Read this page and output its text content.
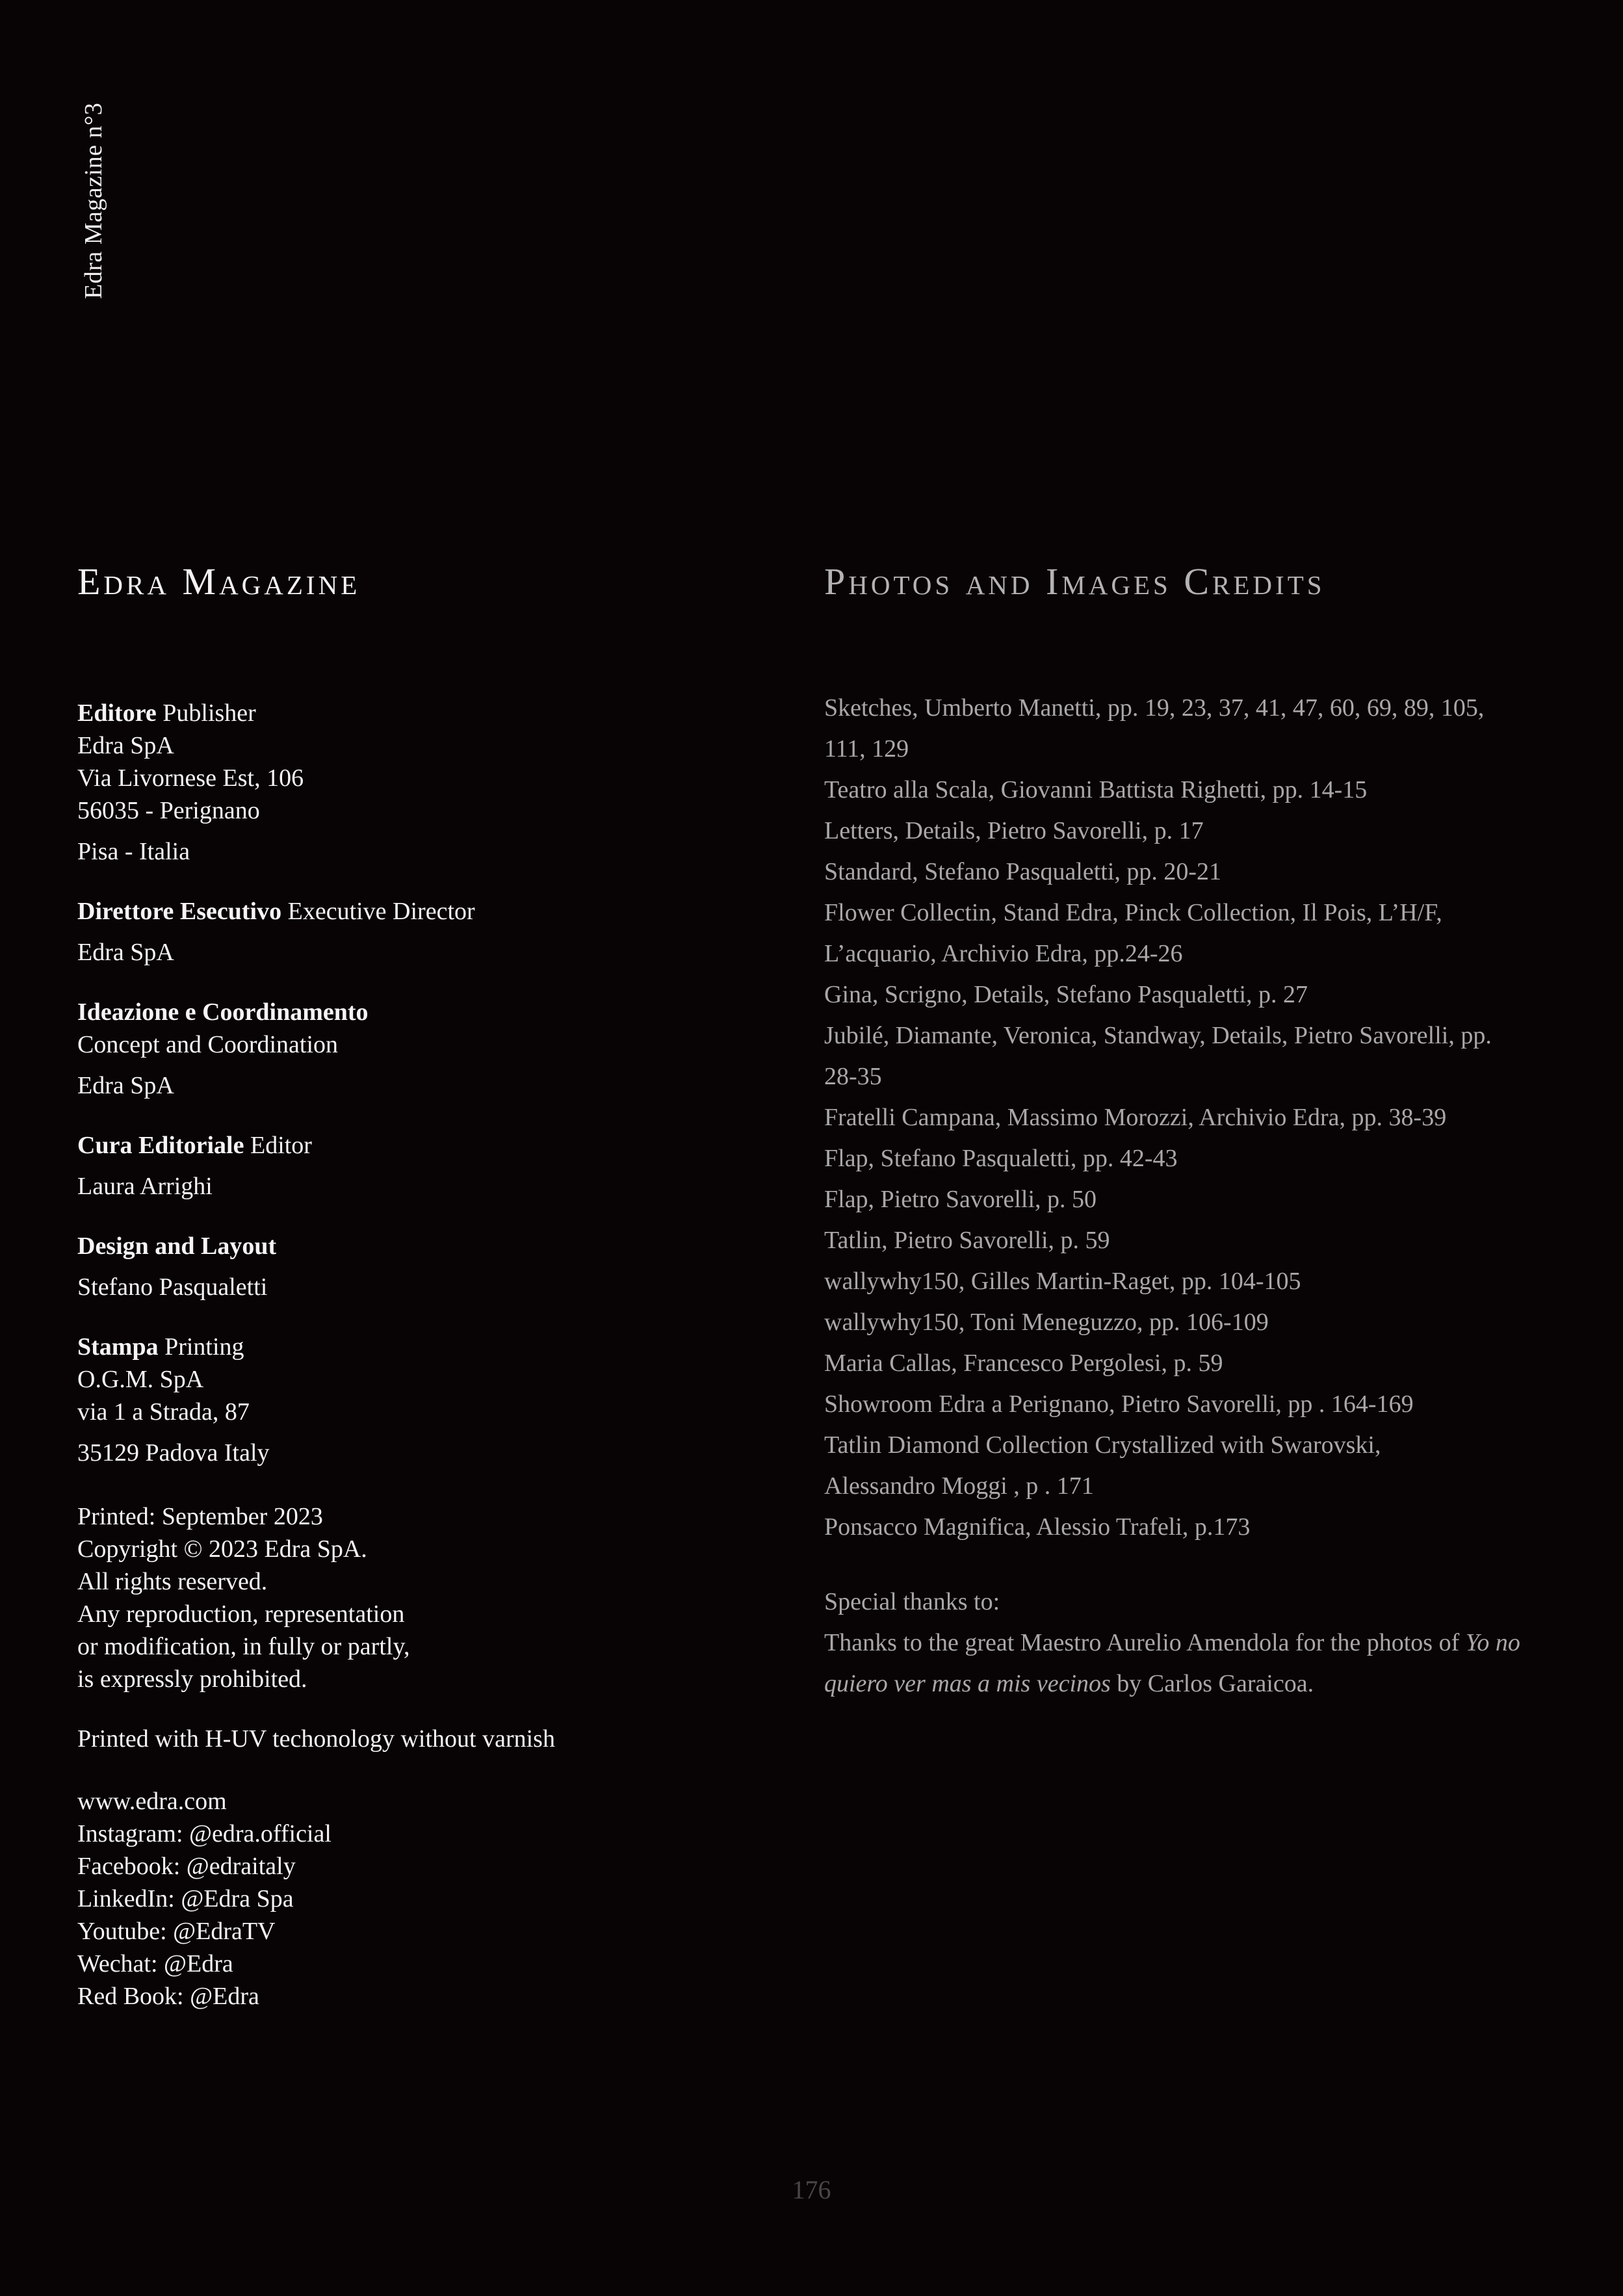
Edra Magazine n°3
Edra Magazine
Editore Publisher
Edra SpA
Via Livornese Est, 106
56035 - Perignano
Pisa - Italia
Direttore Esecutivo Executive Director
Edra SpA
Ideazione e Coordinamento
Concept and Coordination
Edra SpA
Cura Editoriale Editor
Laura Arrighi
Design and Layout
Stefano Pasqualetti
Stampa Printing
O.G.M. SpA
via 1 a Strada, 87
35129 Padova Italy
Printed: September 2023
Copyright © 2023 Edra SpA.
All rights reserved.
Any reproduction, representation
or modification, in fully or partly,
is expressly prohibited.
Printed with H-UV techonology without varnish
www.edra.com
Instagram: @edra.official
Facebook: @edraitaly
LinkedIn: @Edra Spa
Youtube: @EdraTV
Wechat: @Edra
Red Book: @Edra
Photos and Images Credits
Sketches, Umberto Manetti, pp. 19, 23, 37, 41, 47, 60, 69, 89, 105,
111, 129
Teatro alla Scala, Giovanni Battista Righetti, pp. 14-15
Letters, Details, Pietro Savorelli, p. 17
Standard, Stefano Pasqualetti, pp. 20-21
Flower Collectin, Stand Edra, Pinck Collection, Il Pois, L’H/F,
L’acquario, Archivio Edra, pp.24-26
Gina, Scrigno, Details, Stefano Pasqualetti, p. 27
Jubilé, Diamante, Veronica, Standway, Details, Pietro Savorelli, pp.
28-35
Fratelli Campana, Massimo Morozzi, Archivio Edra, pp. 38-39
Flap, Stefano Pasqualetti, pp. 42-43
Flap, Pietro Savorelli, p. 50
Tatlin, Pietro Savorelli, p. 59
wallywhy150, Gilles Martin-Raget, pp. 104-105
wallywhy150, Toni Meneguzzo, pp. 106-109
Maria Callas, Francesco Pergolesi, p. 59
Showroom Edra a Perignano, Pietro Savorelli, pp . 164-169
Tatlin Diamond Collection Crystallized with Swarovski,
Alessandro Moggi , p . 171
Ponsacco Magnifica, Alessio Trafeli, p.173
Special thanks to:
Thanks to the great Maestro Aurelio Amendola for the photos of Yo no
quiero ver mas a mis vecinos by Carlos Garaicoa.
176
